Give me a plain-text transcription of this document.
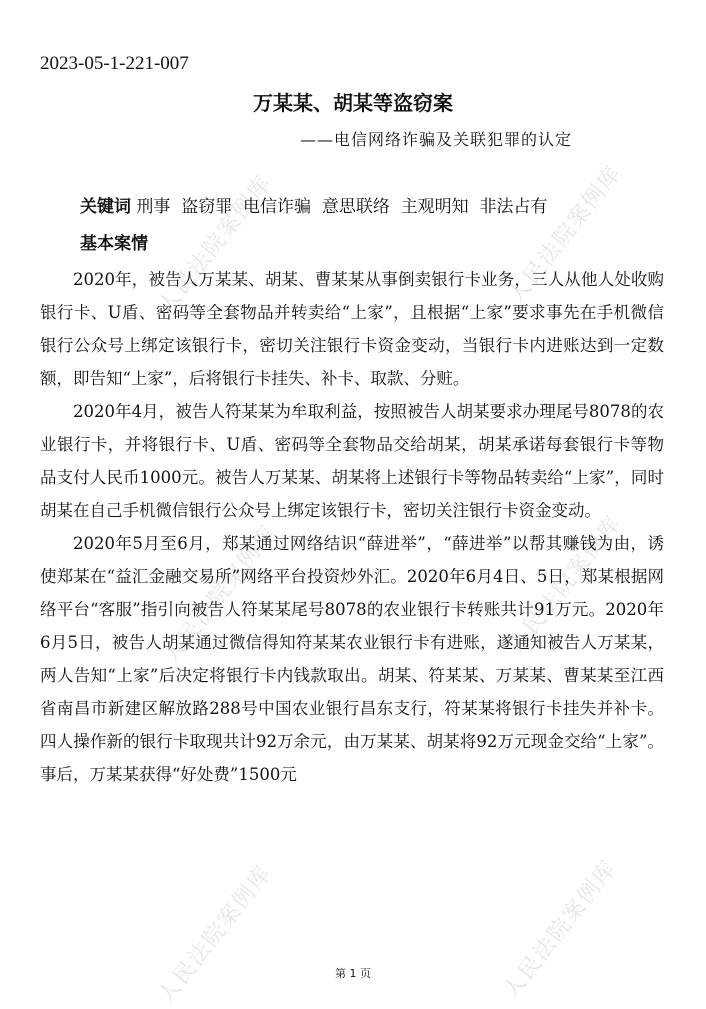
人民法院案例库	人民法院案例库
人民法院案例库	人民法院案例库
人民法院案例库	人民法院案例库
2023-05-1-221-007
万某某、胡某等盗窃案
——电信网络诈骗及关联犯罪的认定
关键词 刑事  盗窃罪  电信诈骗  意思联络  主观明知  非法占有
基本案情

2020年，被告人万某某、胡某、曹某某从事倒卖银行卡业务，三人从他人处收购银行卡、U盾、密码等全套物品并转卖给“上家”，且根据“上家”要求事先在手机微信银行公众号上绑定该银行卡，密切关注银行卡资金变动，当银行卡内进账达到一定数额，即告知“上家”，后将银行卡挂失、补卡、取款、分赃。

2020年4月，被告人符某某为牟取利益，按照被告人胡某要求办理尾号8078的农业银行卡，并将银行卡、U盾、密码等全套物品交给胡某，胡某承诺每套银行卡等物品支付人民币1000元。被告人万某某、胡某将上述银行卡等物品转卖给“上家”，同时胡某在自己手机微信银行公众号上绑定该银行卡，密切关注银行卡资金变动。

2020年5月至6月，郑某通过网络结识“薛进举”，“薛进举”以帮其赚钱为由，诱使郑某在“益汇金融交易所”网络平台投资炒外汇。2020年6月4日、5日，郑某根据网络平台“客服”指引向被告人符某某尾号8078的农业银行卡转账共计91万元。2020年6月5日，被告人胡某通过微信得知符某某农业银行卡有进账，遂通知被告人万某某，两人告知“上家”后决定将银行卡内钱款取出。胡某、符某某、万某某、曹某某至江西省南昌市新建区解放路288号中国农业银行昌东支行，符某某将银行卡挂失并补卡。四人操作新的银行卡取现共计92万余元，由万某某、胡某将92万元现金交给“上家”。事后，万某某获得“好处费”1500元

第 1 页
